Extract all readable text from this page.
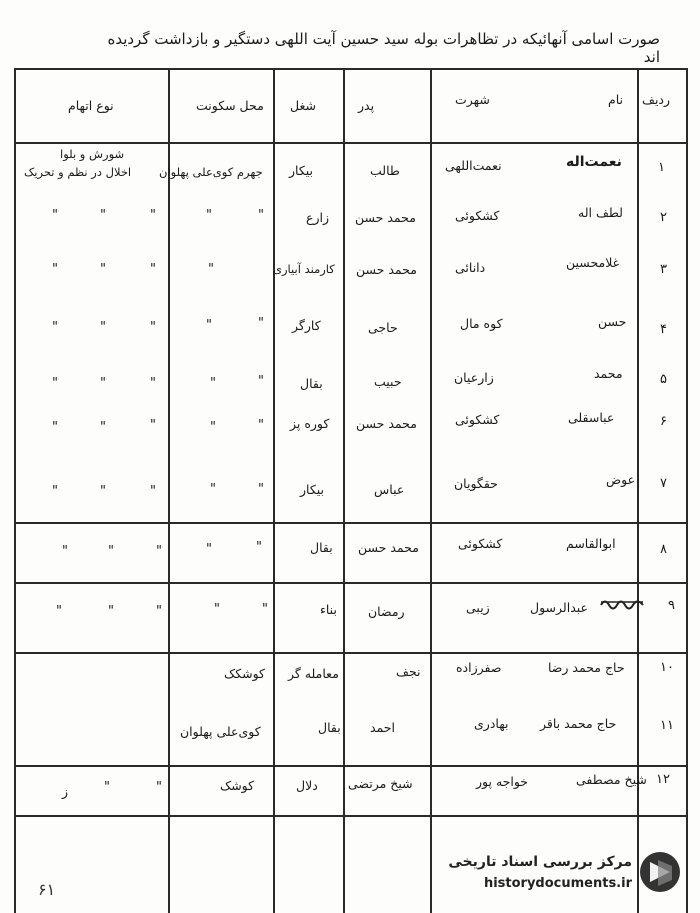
صورت اسامی آنهائیکه در تظاهرات بوله سید حسین آیت اللهی دستگیر و بازداشت گردیده اند
ردیف
نام
شهرت
پدر
شغل
محل سکونت
نوع اتهام
۱
نعمت‌اله
نعمت‌اللهی
طالب
بیکار
جهرم کوی‌علی پهلوان
شورش و بلوا
اخلال در نظم و تحریک
۲
لطف اله
کشکوئی
محمد حسن
زارع
"
"
"
"
"
۳
غلامحسین
دانائی
محمد حسن
کارمند آبیاری
"
"
"
"
۴
حسن
کوه مال
حاجی
کارگر
"
"
"
"
"
۵
محمد
زارعیان
حبیب
بقال
"
"
"
"
"
۶
عباسقلی
کشکوئی
محمد حسن
کوره پز
"
"
"
"
"
۷
عوض
حقگویان
عباس
بیکار
"
"
"
"
"
۸
ابوالقاسم
کشکوئی
محمد حسن
بقال
"
"
"
"
"
۹
عبدالرسول
زیبی
رمضان
بناء
"
"
"
"
"
۱۰
حاج محمد رضا
صفرزاده
نجف
معامله گر
کوشکک
۱۱
حاج محمد باقر
بهادری
احمد
بقال
کوی‌علی پهلوان
۱۲
شیخ مصطفی
خواجه پور
شیخ مرتضی
دلال
کوشک
"
"
ز
۶۱
مرکز بررسی اسناد تاریخی
historydocuments.ir
